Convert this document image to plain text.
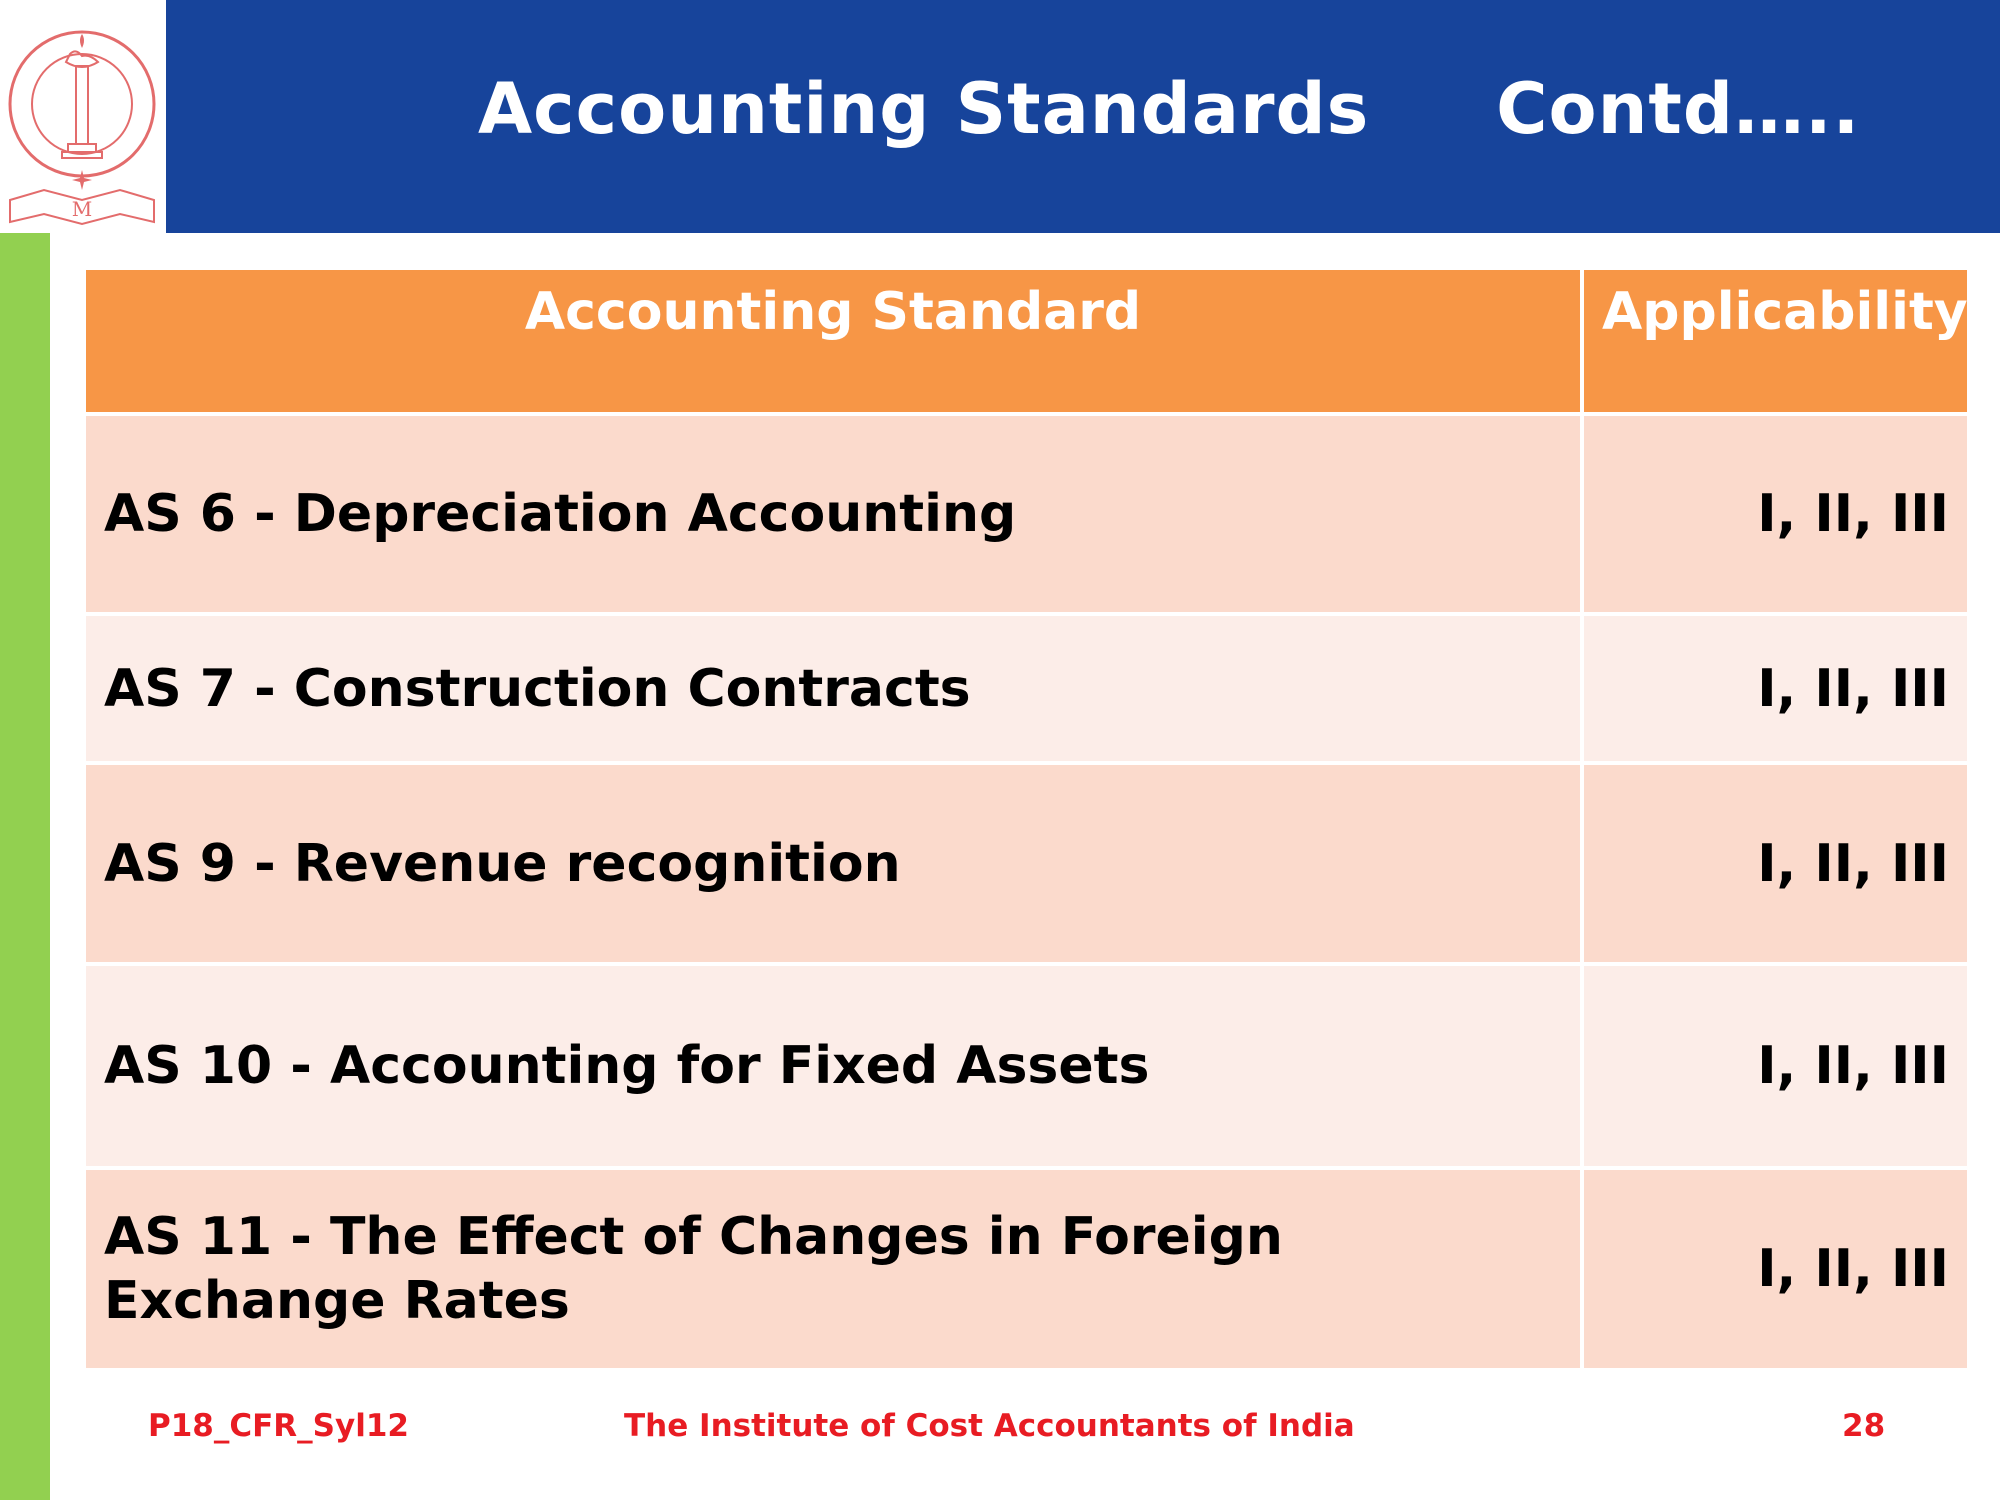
M
Accounting Standards     Contd…..
Accounting Standard	Applicability
AS 6 - Depreciation Accounting	I, II, III
AS 7 - Construction Contracts	I, II, III
AS 9 - Revenue recognition	I, II, III
AS 10 - Accounting for Fixed Assets	I, II, III
AS 11 - The Effect of Changes in Foreign Exchange Rates	I, II, III
P18_CFR_Syl12	The Institute of Cost Accountants of India	28
